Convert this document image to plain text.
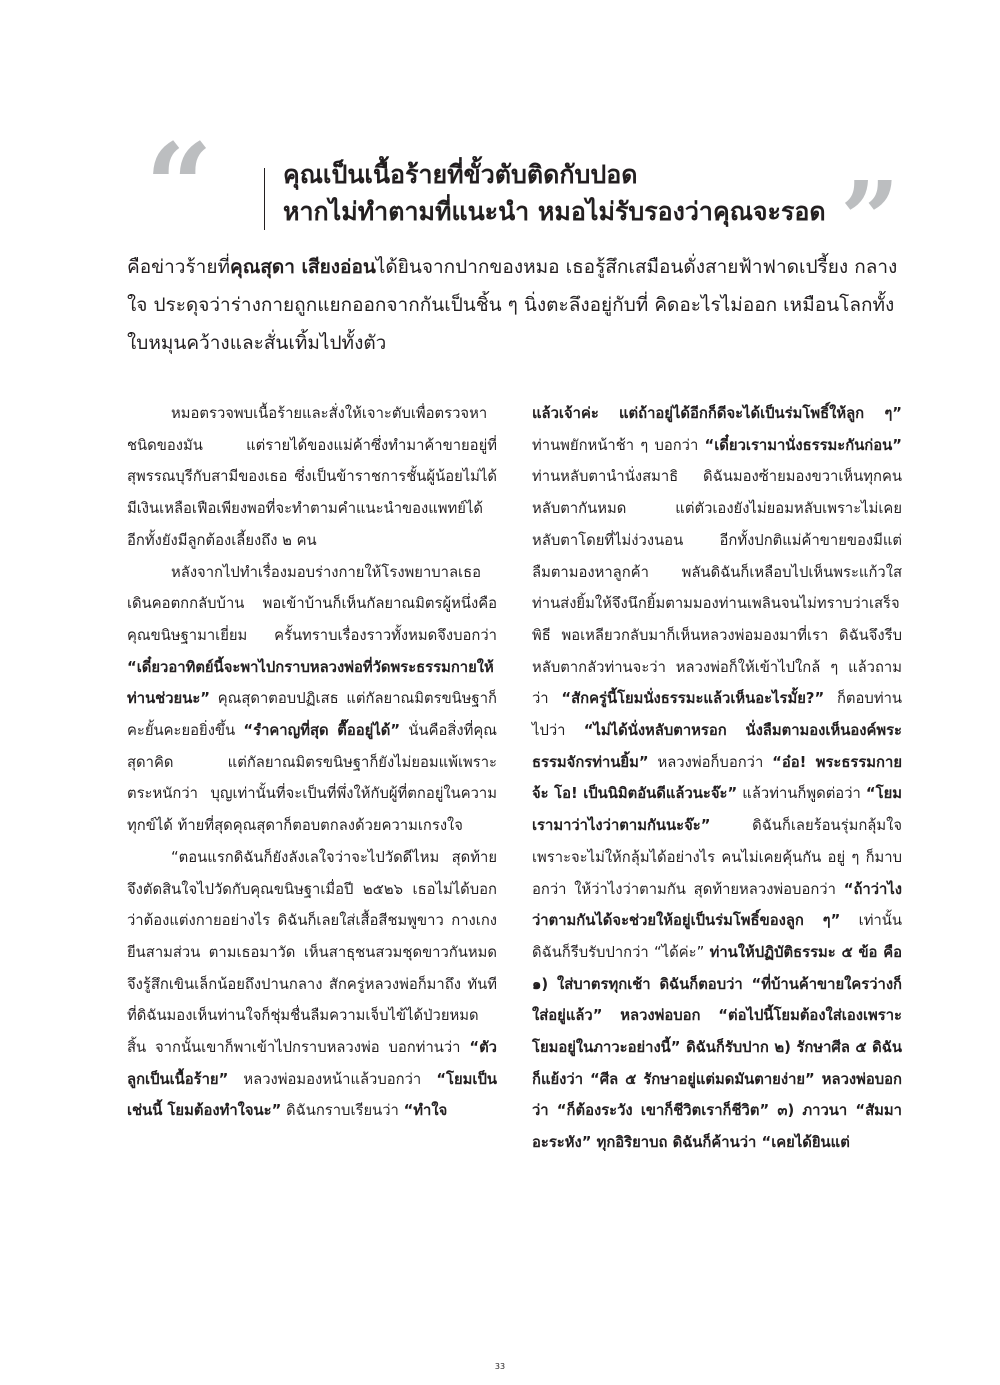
“	คุณเป็นเนื้อร้ายที่ขั้วตับติดกับปอด
หากไม่ทำตามที่แนะนำ หมอไม่รับรองว่าคุณจะรอด ”
คือข่าวร้ายที่คุณสุดา เสียงอ่อนได้ยินจากปากของหมอ เธอรู้สึกเสมือนดั่งสายฟ้าฟาดเปรี้ยง กลางใจ ประดุจว่าร่างกายถูกแยกออกจากกันเป็นชิ้น ๆ นิ่งตะลึงอยู่กับที่ คิดอะไรไม่ออก เหมือนโลกทั้งใบหมุนคว้างและสั่นเทิ้มไปทั้งตัว

หมอตรวจพบเนื้อร้ายและสั่งให้เจาะตับเพื่อตรวจหาชนิดของมัน แต่รายได้ของแม่ค้าซึ่งทำมาค้าขายอยู่ที่สุพรรณบุรีกับสามีของเธอ ซึ่งเป็นข้าราชการชั้นผู้น้อยไม่ได้มีเงินเหลือเฟือเพียงพอที่จะทำตามคำแนะนำของแพทย์ได้ อีกทั้งยังมีลูกต้องเลี้ยงถึง ๒ คน

หลังจากไปทำเรื่องมอบร่างกายให้โรงพยาบาลเธอเดินคอตกกลับบ้าน พอเข้าบ้านก็เห็นกัลยาณมิตรผู้หนึ่งคือคุณขนิษฐามาเยี่ยม ครั้นทราบเรื่องราวทั้งหมดจึงบอกว่า “เดี๋ยวอาทิตย์นี้จะพาไปกราบหลวงพ่อที่วัดพระธรรมกายให้ท่านช่วยนะ” คุณสุดาตอบปฏิเสธ แต่กัลยาณมิตรขนิษฐาก็คะยั้นคะยอยิ่งขึ้น “รำคาญที่สุด ตื๊ออยู่ได้” นั่นคือสิ่งที่คุณสุดาคิด แต่กัลยาณมิตรขนิษฐาก็ยังไม่ยอมแพ้เพราะตระหนักว่า บุญเท่านั้นที่จะเป็นที่พึ่งให้กับผู้ที่ตกอยู่ในความทุกข์ได้ ท้ายที่สุดคุณสุดาก็ตอบตกลงด้วยความเกรงใจ

“ตอนแรกดิฉันก็ยังลังเลใจว่าจะไปวัดดีไหม สุดท้ายจึงตัดสินใจไปวัดกับคุณขนิษฐาเมื่อปี ๒๕๒๖ เธอไม่ได้บอกว่าต้องแต่งกายอย่างไร ดิฉันก็เลยใส่เสื้อสีชมพูขาว กางเกงยีนสามส่วน ตามเธอมาวัด เห็นสาธุชนสวมชุดขาวกันหมด จึงรู้สึกเขินเล็กน้อยถึงปานกลาง สักครู่หลวงพ่อก็มาถึง ทันทีที่ดิฉันมองเห็นท่านใจก็ชุ่มชื่นลืมความเจ็บไข้ได้ป่วยหมดสิ้น จากนั้นเขาก็พาเข้าไปกราบหลวงพ่อ บอกท่านว่า “ตัวลูกเป็นเนื้อร้าย” หลวงพ่อมองหน้าแล้วบอกว่า “โยมเป็นเช่นนี้ โยมต้องทำใจนะ” ดิฉันกราบเรียนว่า “ทำใจ

แล้วเจ้าค่ะ แต่ถ้าอยู่ได้อีกก็ดีจะได้เป็นร่มโพธิ์ให้ลูก ๆ” ท่านพยักหน้าช้า ๆ บอกว่า “เดี๋ยวเรามานั่งธรรมะกันก่อน” ท่านหลับตานำนั่งสมาธิ ดิฉันมองซ้ายมองขวาเห็นทุกคนหลับตากันหมด แต่ตัวเองยังไม่ยอมหลับเพราะไม่เคยหลับตาโดยที่ไม่ง่วงนอน อีกทั้งปกติแม่ค้าขายของมีแต่ลืมตามองหาลูกค้า พลันดิฉันก็เหลือบไปเห็นพระแก้วใสท่านส่งยิ้มให้จึงนึกยิ้มตามมองท่านเพลินจนไม่ทราบว่าเสร็จพิธี พอเหลียวกลับมาก็เห็นหลวงพ่อมองมาที่เรา ดิฉันจึงรีบหลับตากลัวท่านจะว่า หลวงพ่อก็ให้เข้าไปใกล้ ๆ แล้วถามว่า “สักครู่นี้โยมนั่งธรรมะแล้วเห็นอะไรมั้ย?” ก็ตอบท่านไปว่า “ไม่ได้นั่งหลับตาหรอก นั่งลืมตามองเห็นองค์พระธรรมจักรท่านยิ้ม” หลวงพ่อก็บอกว่า “อ๋อ! พระธรรมกายจ้ะ โอ! เป็นนิมิตอันดีแล้วนะจ๊ะ” แล้วท่านก็พูดต่อว่า “โยม เรามาว่าไงว่าตามกันนะจ๊ะ” ดิฉันก็เลยร้อนรุ่มกลุ้มใจ เพราะจะไม่ให้กลุ้มได้อย่างไร คนไม่เคยคุ้นกัน อยู่ ๆ ก็มาบอกว่า ให้ว่าไงว่าตามกัน สุดท้ายหลวงพ่อบอกว่า “ถ้าว่าไงว่าตามกันได้จะช่วยให้อยู่เป็นร่มโพธิ์ของลูก ๆ” เท่านั้น ดิฉันก็รีบรับปากว่า “ได้ค่ะ” ท่านให้ปฏิบัติธรรมะ ๕ ข้อ คือ ๑) ใส่บาตรทุกเช้า ดิฉันก็ตอบว่า “ที่บ้านค้าขายใครว่างก็ใส่อยู่แล้ว” หลวงพ่อบอก “ต่อไปนี้โยมต้องใส่เองเพราะโยมอยู่ในภาวะอย่างนี้” ดิฉันก็รับปาก ๒) รักษาศีล ๕ ดิฉันก็แย้งว่า “ศีล ๕ รักษาอยู่แต่มดมันตายง่าย” หลวงพ่อบอกว่า “ก็ต้องระวัง เขาก็ชีวิตเราก็ชีวิต” ๓) ภาวนา “สัมมาอะระหัง” ทุกอิริยาบถ ดิฉันก็ค้านว่า “เคยได้ยินแต่

33
